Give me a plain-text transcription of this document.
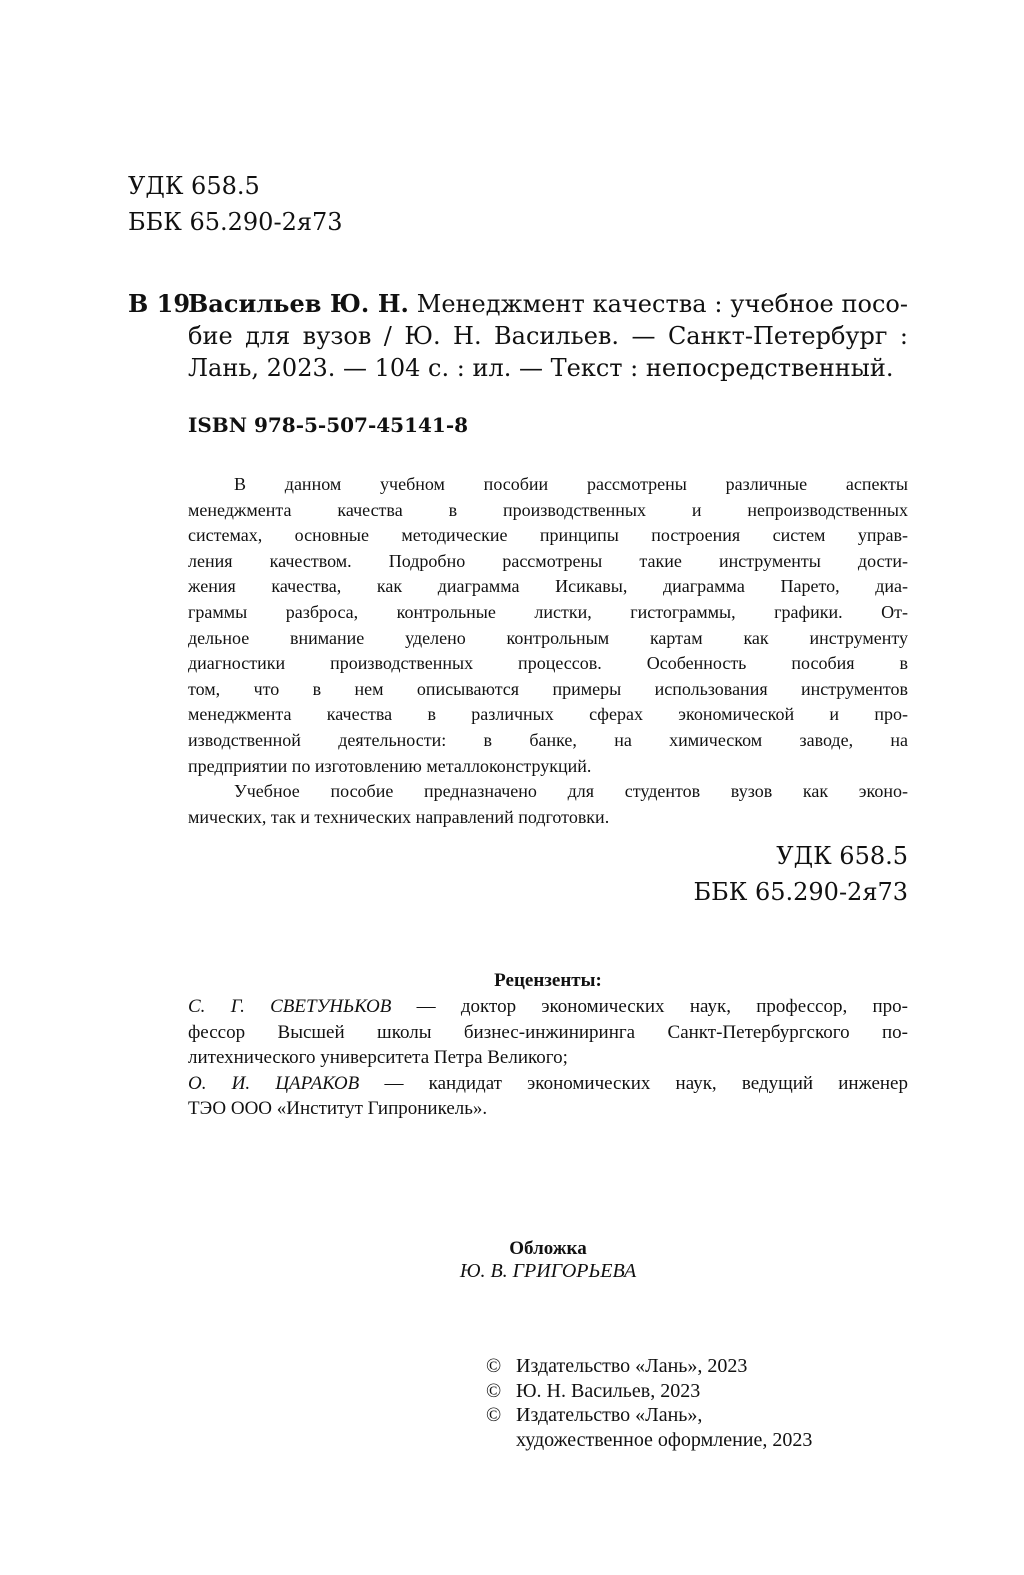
УДК 658.5
ББК 65.290-2я73
В 19
Васильев Ю. Н. Менеджмент качества : учебное посо-
бие для вузов / Ю. Н. Васильев. — Санкт-Петербург :
Лань, 2023. — 104 с. : ил. — Текст : непосредственный.
ISBN 978-5-507-45141-8
В данном учебном пособии рассмотрены различные аспекты
менеджмента качества в производственных и непроизводственных
системах, основные методические принципы построения систем управ-
ления качеством. Подробно рассмотрены такие инструменты дости-
жения качества, как диаграмма Исикавы, диаграмма Парето, диа-
граммы разброса, контрольные листки, гистограммы, графики. От-
дельное внимание уделено контрольным картам как инструменту
диагностики производственных процессов. Особенность пособия в
том, что в нем описываются примеры использования инструментов
менеджмента качества в различных сферах экономической и про-
изводственной деятельности: в банке, на химическом заводе, на
предприятии по изготовлению металлоконструкций.
Учебное пособие предназначено для студентов вузов как эконо-
мических, так и технических направлений подготовки.
УДК 658.5
ББК 65.290-2я73
Рецензенты:
С. Г. СВЕТУНЬКОВ — доктор экономических наук, профессор, про-
фессор Высшей школы бизнес-инжиниринга Санкт-Петербургского по-
литехнического университета Петра Великого;
О. И. ЦАРАКОВ — кандидат экономических наук, ведущий инженер
ТЭО ООО «Институт Гипроникель».
Обложка
Ю. В. ГРИГОРЬЕВА
© Издательство «Лань», 2023
© Ю. Н. Васильев, 2023
© Издательство «Лань»,
художественное оформление, 2023
